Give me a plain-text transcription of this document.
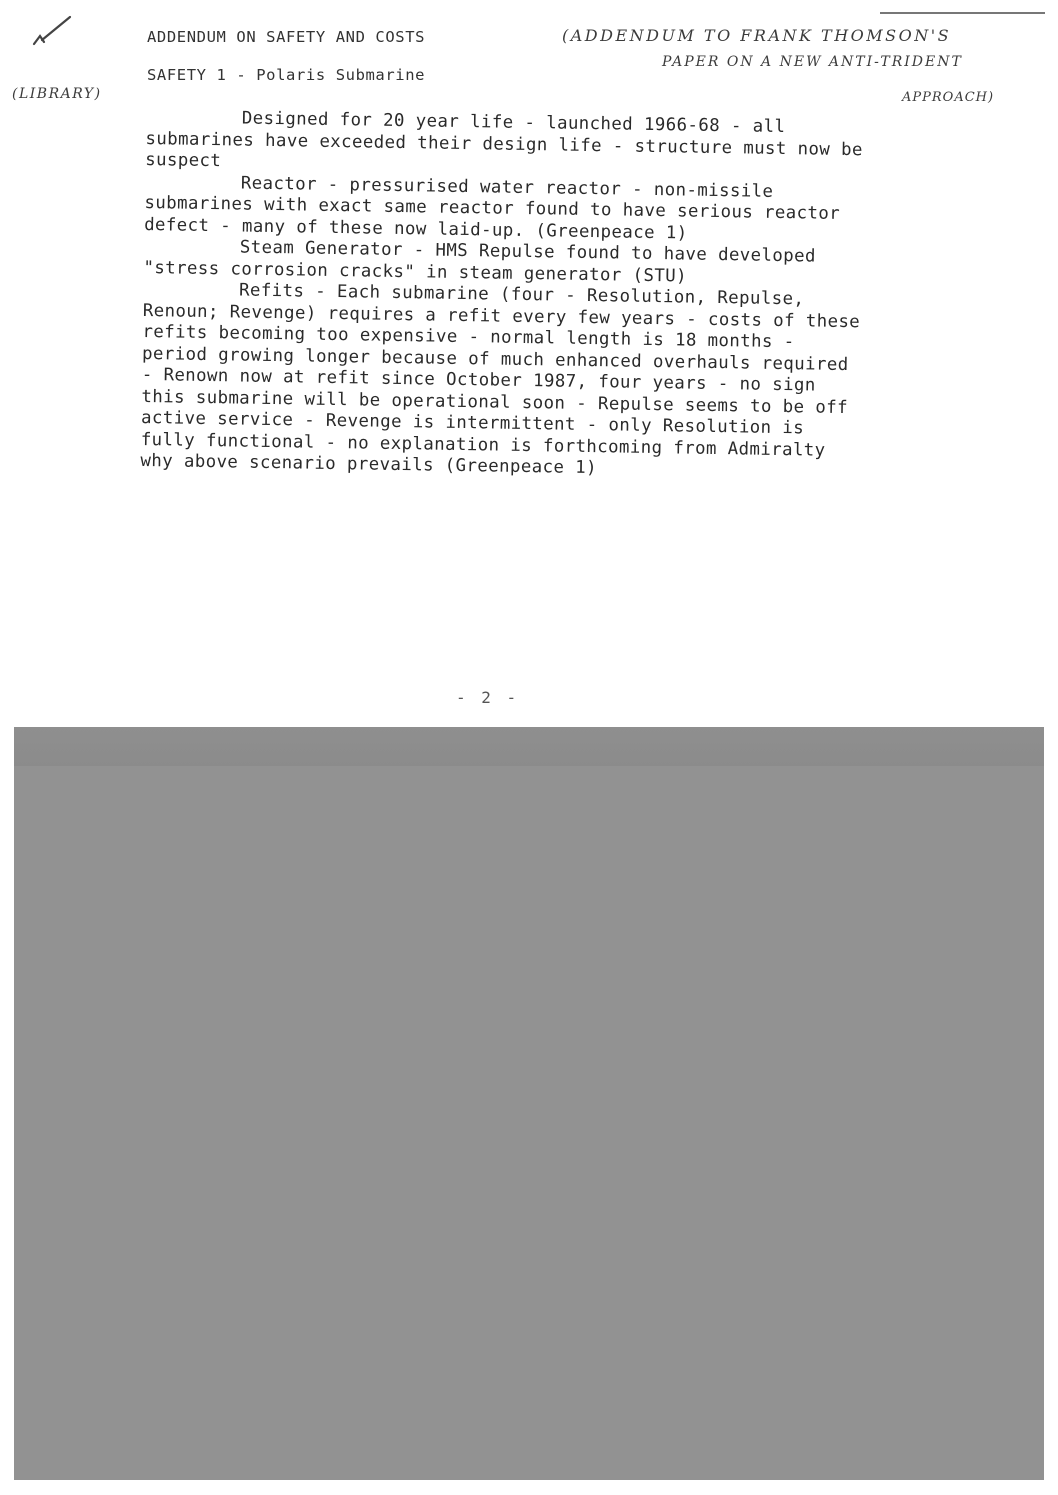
(LIBRARY)
(ADDENDUM TO FRANK THOMSON'S
PAPER ON A NEW ANTI-TRIDENT
APPROACH)
ADDENDUM ON SAFETY AND COSTS
SAFETY 1 - Polaris Submarine

Designed for 20 year life - launched 1966-68 - all submarines have exceeded their design life - structure must now be suspect

Reactor - pressurised water reactor - non-missile submarines with exact same reactor found to have serious reactor defect - many of these now laid-up. (Greenpeace 1)

Steam Generator - HMS Repulse found to have developed "stress corrosion cracks" in steam generator (STU)

Refits - Each submarine (four - Resolution, Repulse, Renoun; Revenge) requires a refit every few years - costs of these refits becoming too expensive - normal length is 18 months - period growing longer because of much enhanced overhauls required - Renown now at refit since October 1987, four years - no sign this submarine will be operational soon - Repulse seems to be off active service - Revenge is intermittent - only Resolution is fully functional - no explanation is forthcoming from Admiralty why above scenario prevails (Greenpeace 1)

- 2 -
